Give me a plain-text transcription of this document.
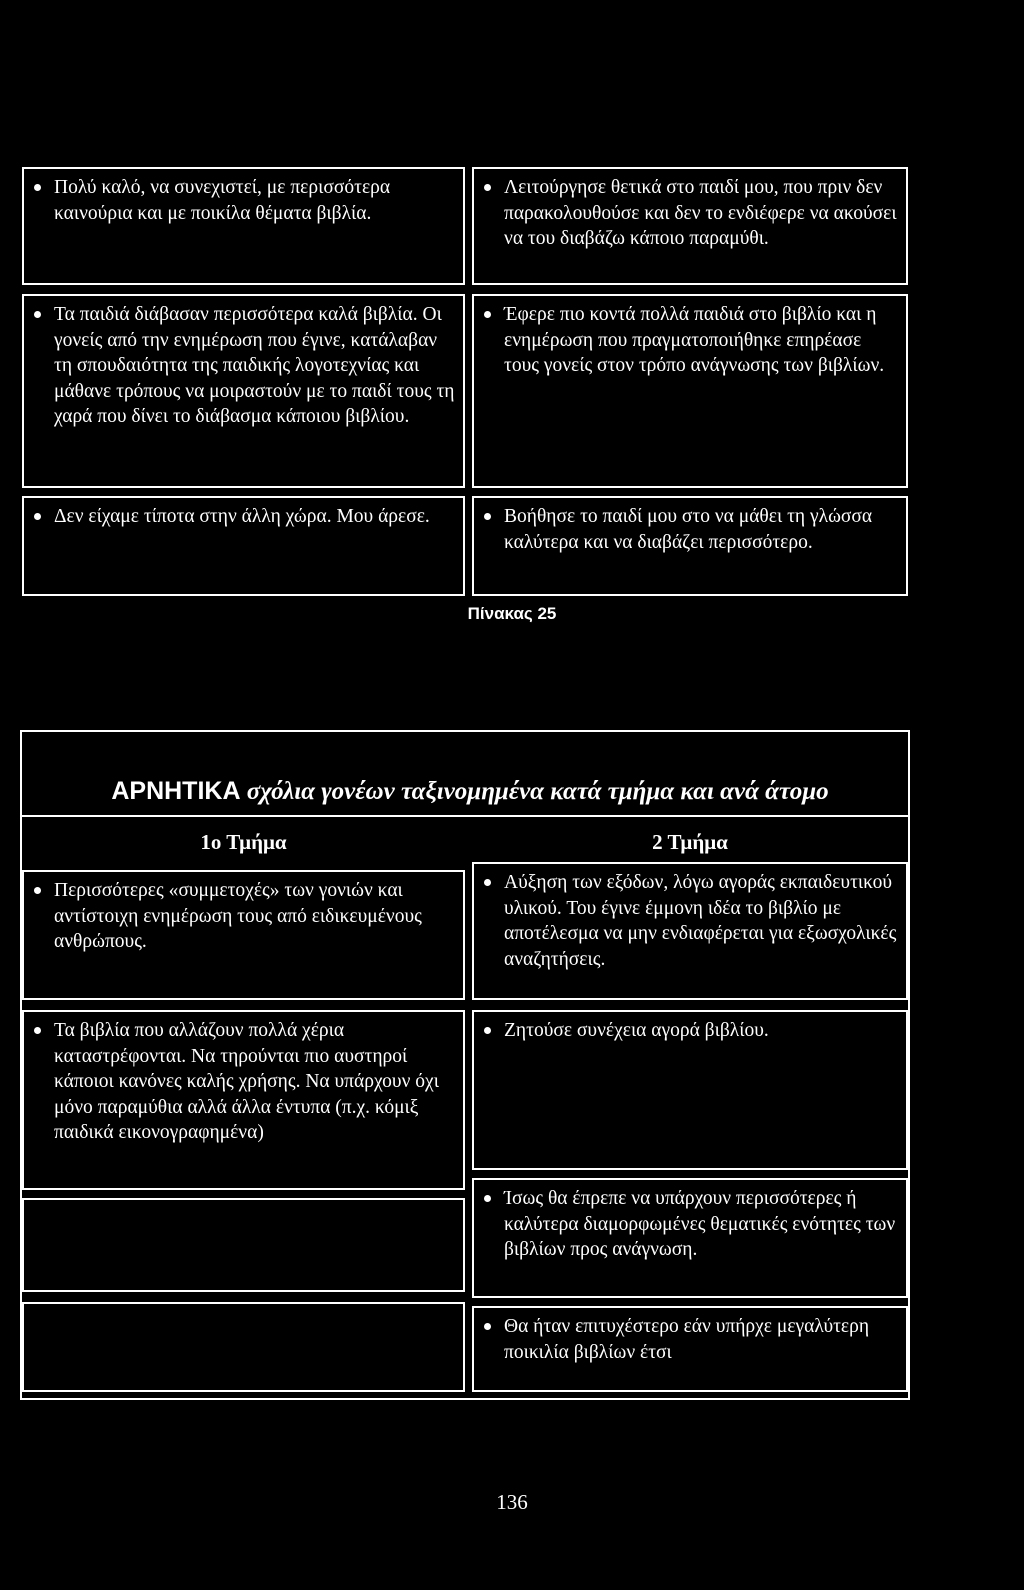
Πολύ καλό, να συνεχιστεί, με περισσότερα καινούρια και με ποικίλα θέματα βιβλία.
Τα παιδιά διάβασαν περισσότερα καλά βιβλία. Οι γονείς από την ενημέρωση που έγινε, κατάλαβαν τη σπουδαιότητα της παιδικής λογοτεχνίας και μάθανε τρόπους να μοιραστούν με το παιδί τους τη χαρά που δίνει το διάβασμα κάποιου βιβλίου.
Δεν είχαμε τίποτα στην άλλη χώρα. Μου άρεσε.
Λειτούργησε θετικά στο παιδί μου, που πριν δεν παρακολουθούσε και δεν το ενδιέφερε να ακούσει να του διαβάζω κάποιο παραμύθι.
Έφερε πιο κοντά πολλά παιδιά στο βιβλίο και η ενημέρωση που πραγματοποιήθηκε επηρέασε τους γονείς στον τρόπο ανάγνωσης των βιβλίων.
Βοήθησε το παιδί μου στο να μάθει τη γλώσσα καλύτερα και να διαβάζει περισσότερο.
Πίνακας 25
ΑΡΝΗΤΙΚΑ σχόλια γονέων ταξινομημένα κατά τμήμα και ανά άτομο
1ο Τμήμα	2 Τμήμα
Περισσότερες «συμμετοχές» των γονιών και αντίστοιχη ενημέρωση τους από ειδικευμένους ανθρώπους.
Τα βιβλία που αλλάζουν πολλά χέρια καταστρέφονται. Να τηρούνται πιο αυστηροί κάποιοι κανόνες καλής χρήσης. Να υπάρχουν όχι μόνο παραμύθια αλλά άλλα έντυπα (π.χ. κόμιξ παιδικά εικονογραφημένα)
Αύξηση των εξόδων, λόγω αγοράς εκπαιδευτικού υλικού. Του έγινε έμμονη ιδέα το βιβλίο με αποτέλεσμα να μην ενδιαφέρεται για εξωσχολικές αναζητήσεις.
Ζητούσε συνέχεια αγορά βιβλίου.
Ίσως θα έπρεπε να υπάρχουν περισσότερες ή καλύτερα διαμορφωμένες θεματικές ενότητες των βιβλίων προς ανάγνωση.
Θα ήταν επιτυχέστερο εάν υπήρχε μεγαλύτερη ποικιλία βιβλίων έτσι
136
